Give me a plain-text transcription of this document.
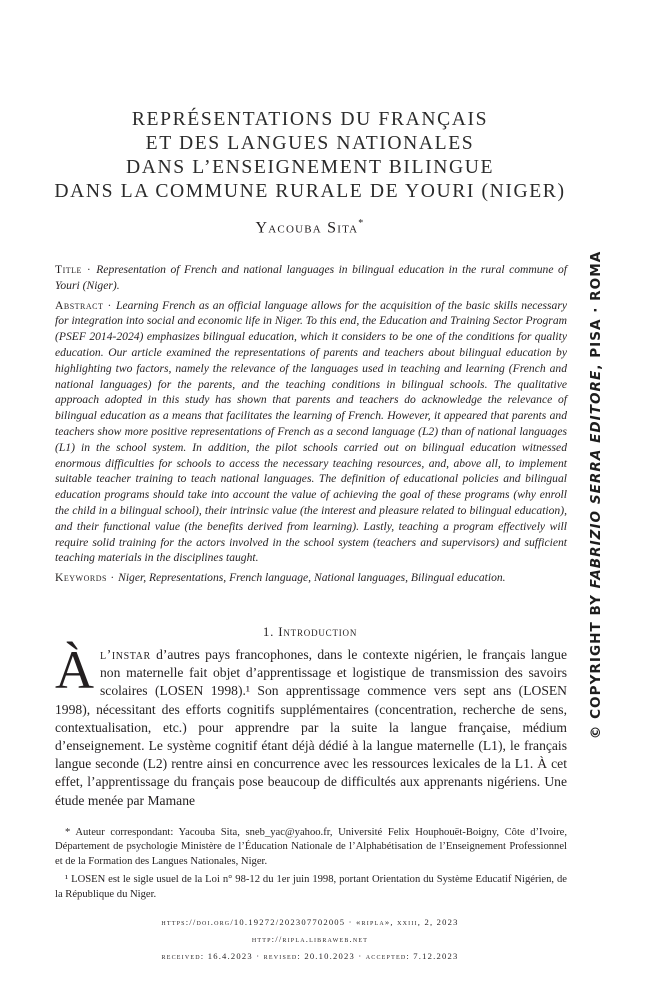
REPRÉSENTATIONS DU FRANÇAIS
ET DES LANGUES NATIONALES
DANS L’ENSEIGNEMENT BILINGUE
DANS LA COMMUNE RURALE DE YOURI (NIGER)
Yacouba Sita*

Title · Representation of French and national languages in bilingual education in the rural commune of Youri (Niger).

Abstract · Learning French as an official language allows for the acquisition of the basic skills necessary for integration into social and economic life in Niger. To this end, the Education and Training Sector Program (PSEF 2014-2024) emphasizes bilingual education, which it considers to be one of the conditions for quality education. Our article examined the representations of parents and teachers about bilingual education by highlighting two factors, namely the relevance of the languages used in teaching and learning (French and national languages) for the parents, and the teaching conditions in bilingual schools. The qualitative approach adopted in this study has shown that parents and teachers do acknowledge the relevance of bilingual education as a means that facilitates the learning of French. However, it appeared that parents and teachers show more positive representations of French as a second language (L2) than of national languages (L1) in the school system. In addition, the pilot schools carried out on bilingual education witnessed enormous difficulties for schools to access the necessary teaching resources, and, above all, to implement suitable teacher training to teach national languages. The definition of educational policies and bilingual education programs should take into account the value of achieving the goal of these programs (why enroll the child in a bilingual school), their intrinsic value (the interest and pleasure related to bilingual education), and their functional value (the benefits derived from learning). Lastly, teaching a program effectively will require solid training for the actors involved in the school system (teachers and supervisors) and sufficient teaching materials in the disciplines taught.

Keywords · Niger, Representations, French language, National languages, Bilingual education.

1. Introduction
Àl’instar d’autres pays francophones, dans le contexte nigérien, le français langue non maternelle fait objet d’apprentissage et logistique de transmission des savoirs scolaires (LOSEN 1998).¹ Son apprentissage commence vers sept ans (LOSEN 1998), nécessitant des efforts cognitifs supplémentaires (concentration, recherche de sens, contextualisation, etc.) pour apprendre par la suite la langue française, médium d’enseignement. Le système cognitif étant déjà dédié à la langue maternelle (L1), le français langue seconde (L2) rentre ainsi en concurrence avec les ressources lexicales de la L1. À cet effet, l’apprentissage du français pose beaucoup de difficultés aux apprenants nigériens. Une étude menée par Mamane

* Auteur correspondant: Yacouba Sita, sneb_yac@yahoo.fr, Université Felix Houphouët-Boigny, Côte d’Ivoire, Département de psychologie Ministère de l’Éducation Nationale de l’Alphabétisation de l’Enseignement Professionnel et de la Formation des Langues Nationales, Niger.

¹ LOSEN est le sigle usuel de la Loi n° 98-12 du 1er juin 1998, portant Orientation du Système Educatif Nigérien, de la République du Niger.

https://doi.org/10.19272/202307702005 · «ripla», xxiii, 2, 2023
http://ripla.libraweb.net
received: 16.4.2023 · revised: 20.10.2023 · accepted: 7.12.2023
© COPYRIGHT BY FABRIZIO SERRA EDITORE, PISA · ROMA
